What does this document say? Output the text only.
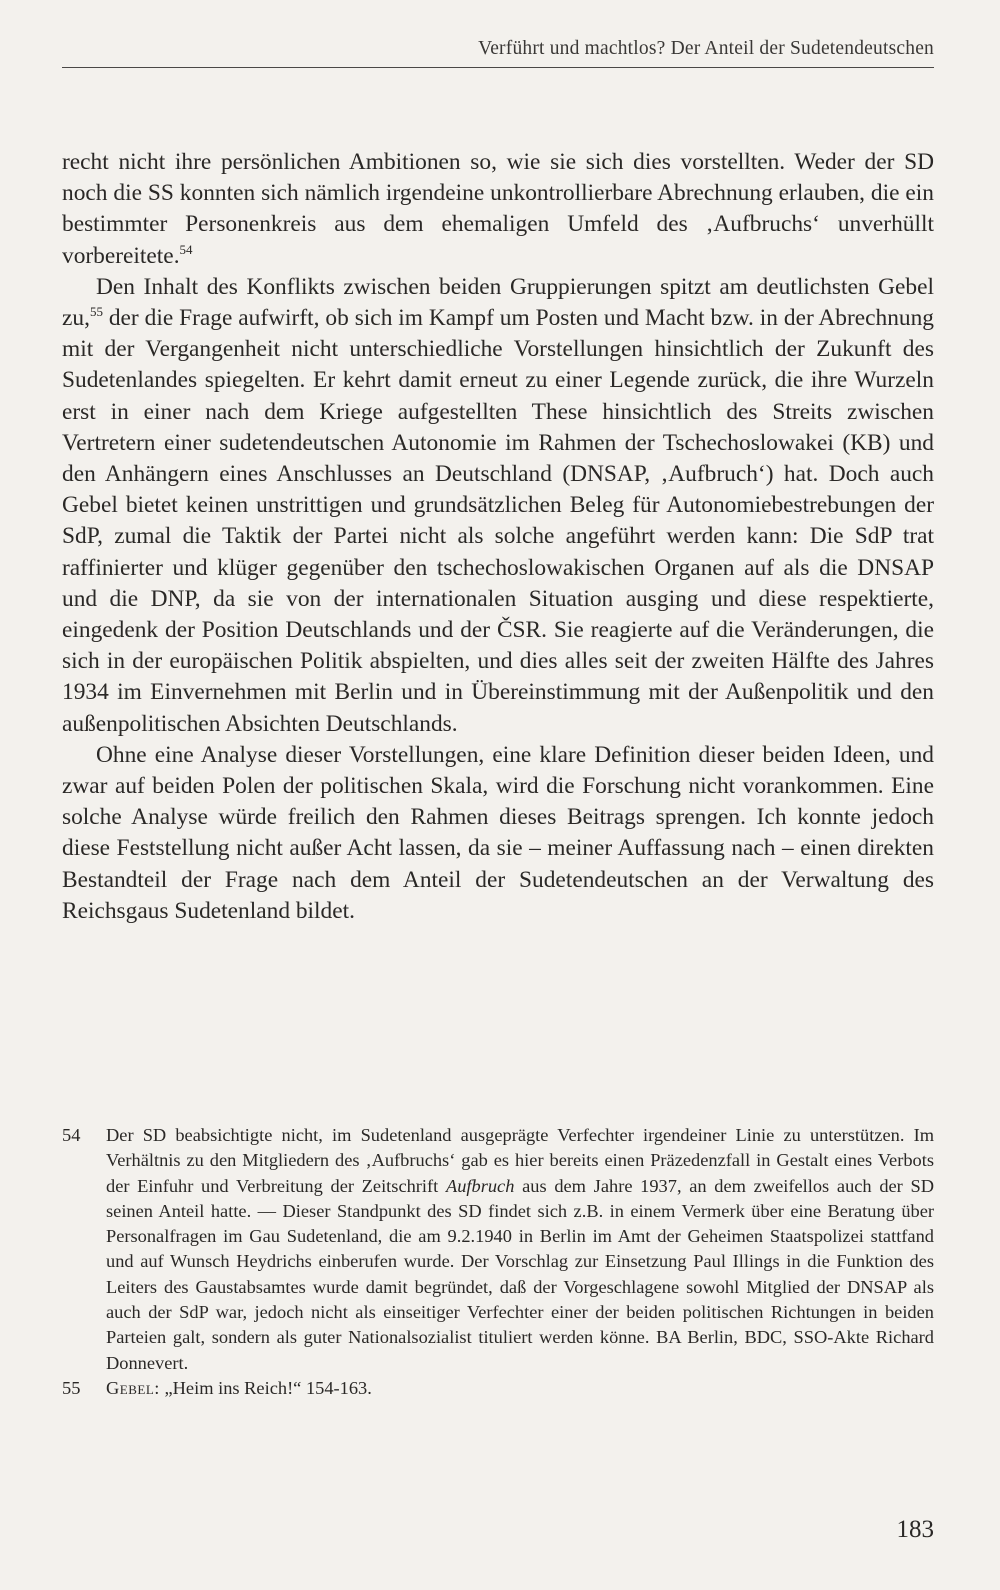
Verführt und machtlos? Der Anteil der Sudetendeutschen

recht nicht ihre persönlichen Ambitionen so, wie sie sich dies vorstellten. Weder der SD noch die SS konnten sich nämlich irgendeine unkontrollierbare Abrechnung erlauben, die ein bestimmter Personenkreis aus dem ehemaligen Umfeld des ‚Aufbruchs‘ unverhüllt vorbereitete.$^{54}$

Den Inhalt des Konflikts zwischen beiden Gruppierungen spitzt am deutlichsten Gebel zu,$^{55}$ der die Frage aufwirft, ob sich im Kampf um Posten und Macht bzw. in der Abrechnung mit der Vergangenheit nicht unterschiedliche Vorstellungen hinsichtlich der Zukunft des Sudetenlandes spiegelten. Er kehrt damit erneut zu einer Legende zurück, die ihre Wurzeln erst in einer nach dem Kriege aufgestellten These hinsichtlich des Streits zwischen Vertretern einer sudetendeutschen Autonomie im Rahmen der Tschechoslowakei (KB) und den Anhängern eines Anschlusses an Deutschland (DNSAP, ‚Aufbruch‘) hat. Doch auch Gebel bietet keinen unstrittigen und grundsätzlichen Beleg für Autonomiebestrebungen der SdP, zumal die Taktik der Partei nicht als solche angeführt werden kann: Die SdP trat raffinierter und klüger gegenüber den tschechoslowakischen Organen auf als die DNSAP und die DNP, da sie von der internationalen Situation ausging und diese respektierte, eingedenk der Position Deutschlands und der ČSR. Sie reagierte auf die Veränderungen, die sich in der europäischen Politik abspielten, und dies alles seit der zweiten Hälfte des Jahres 1934 im Einvernehmen mit Berlin und in Übereinstimmung mit der Außenpolitik und den außenpolitischen Absichten Deutschlands.

Ohne eine Analyse dieser Vorstellungen, eine klare Definition dieser beiden Ideen, und zwar auf beiden Polen der politischen Skala, wird die Forschung nicht vorankommen. Eine solche Analyse würde freilich den Rahmen dieses Beitrags sprengen. Ich konnte jedoch diese Feststellung nicht außer Acht lassen, da sie – meiner Auffassung nach – einen direkten Bestandteil der Frage nach dem Anteil der Sudetendeutschen an der Verwaltung des Reichsgaus Sudetenland bildet.

54	Der SD beabsichtigte nicht, im Sudetenland ausgeprägte Verfechter irgendeiner Linie zu unterstützen. Im Verhältnis zu den Mitgliedern des ‚Aufbruchs‘ gab es hier bereits einen Präzedenzfall in Gestalt eines Verbots der Einfuhr und Verbreitung der Zeitschrift Aufbruch aus dem Jahre 1937, an dem zweifellos auch der SD seinen Anteil hatte. — Dieser Standpunkt des SD findet sich z.B. in einem Vermerk über eine Beratung über Personalfragen im Gau Sudetenland, die am 9.2.1940 in Berlin im Amt der Geheimen Staatspolizei stattfand und auf Wunsch Heydrichs einberufen wurde. Der Vorschlag zur Einsetzung Paul Illings in die Funktion des Leiters des Gaustabsamtes wurde damit begründet, daß der Vorgeschlagene sowohl Mitglied der DNSAP als auch der SdP war, jedoch nicht als einseitiger Verfechter einer der beiden politischen Richtungen in beiden Parteien galt, sondern als guter Nationalsozialist tituliert werden könne. BA Berlin, BDC, SSO-Akte Richard Donnevert.
55	Gebel: „Heim ins Reich!“ 154-163.
183
